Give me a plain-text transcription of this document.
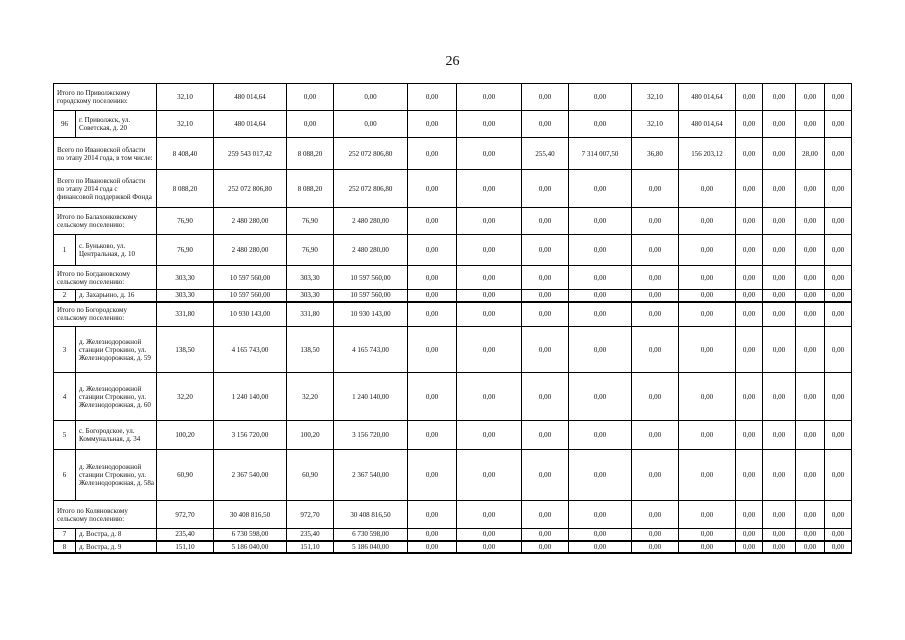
26
Итого по Приволжскому городскому поселению:		32,10	480 014,64	0,00	0,00	0,00	0,00	0,00	0,00	32,10	480 014,64	0,00	0,00	0,00	0,00
96	г. Приволжск, ул. Советская, д. 20	32,10	480 014,64	0,00	0,00	0,00	0,00	0,00	0,00	32,10	480 014,64	0,00	0,00	0,00	0,00
Всего по Ивановской области по этапу 2014 года, в том числе:		8 408,40	259 543 017,42	8 088,20	252 072 806,80	0,00	0,00	255,40	7 314 007,50	36,80	156 203,12	0,00	0,00	28,00	0,00
Всего по Ивановской области по этапу 2014 года с финансовой поддержкой Фонда		8 088,20	252 072 806,80	8 088,20	252 072 806,80	0,00	0,00	0,00	0,00	0,00	0,00	0,00	0,00	0,00	0,00
Итого по Балахонковскому сельскому поселению:		76,90	2 480 280,00	76,90	2 480 280,00	0,00	0,00	0,00	0,00	0,00	0,00	0,00	0,00	0,00	0,00
1	с. Буньково, ул. Центральная, д. 10	76,90	2 480 280,00	76,90	2 480 280,00	0,00	0,00	0,00	0,00	0,00	0,00	0,00	0,00	0,00	0,00
Итого по Богдановскому сельскому поселению:		303,30	10 597 560,00	303,30	10 597 560,00	0,00	0,00	0,00	0,00	0,00	0,00	0,00	0,00	0,00	0,00
2	д. Захарьино, д. 16	303,30	10 597 560,00	303,30	10 597 560,00	0,00	0,00	0,00	0,00	0,00	0,00	0,00	0,00	0,00	0,00
Итого по Богородскому сельскому поселению:		331,80	10 930 143,00	331,80	10 930 143,00	0,00	0,00	0,00	0,00	0,00	0,00	0,00	0,00	0,00	0,00
3	д. Железнодорожной станции Строкино, ул. Железнодорожная, д. 59	138,50	4 165 743,00	138,50	4 165 743,00	0,00	0,00	0,00	0,00	0,00	0,00	0,00	0,00	0,00	0,00
4	д. Железнодорожной станции Строкино, ул. Железнодорожная, д. 60	32,20	1 240 140,00	32,20	1 240 140,00	0,00	0,00	0,00	0,00	0,00	0,00	0,00	0,00	0,00	0,00
5	с. Богородское, ул. Коммунальная, д. 34	100,20	3 156 720,00	100,20	3 156 720,00	0,00	0,00	0,00	0,00	0,00	0,00	0,00	0,00	0,00	0,00
6	д. Железнодорожной станции Строкино, ул. Железнодорожная, д. 58а	60,90	2 367 540,00	60,90	2 367 540,00	0,00	0,00	0,00	0,00	0,00	0,00	0,00	0,00	0,00	0,00
Итого по Коляновскому сельскому поселению:		972,70	30 408 816,50	972,70	30 408 816,50	0,00	0,00	0,00	0,00	0,00	0,00	0,00	0,00	0,00	0,00
7	д. Востра, д. 8	235,40	6 730 598,00	235,40	6 730 598,00	0,00	0,00	0,00	0,00	0,00	0,00	0,00	0,00	0,00	0,00
8	д. Востра, д. 9	151,10	5 186 040,00	151,10	5 186 040,00	0,00	0,00	0,00	0,00	0,00	0,00	0,00	0,00	0,00	0,00
